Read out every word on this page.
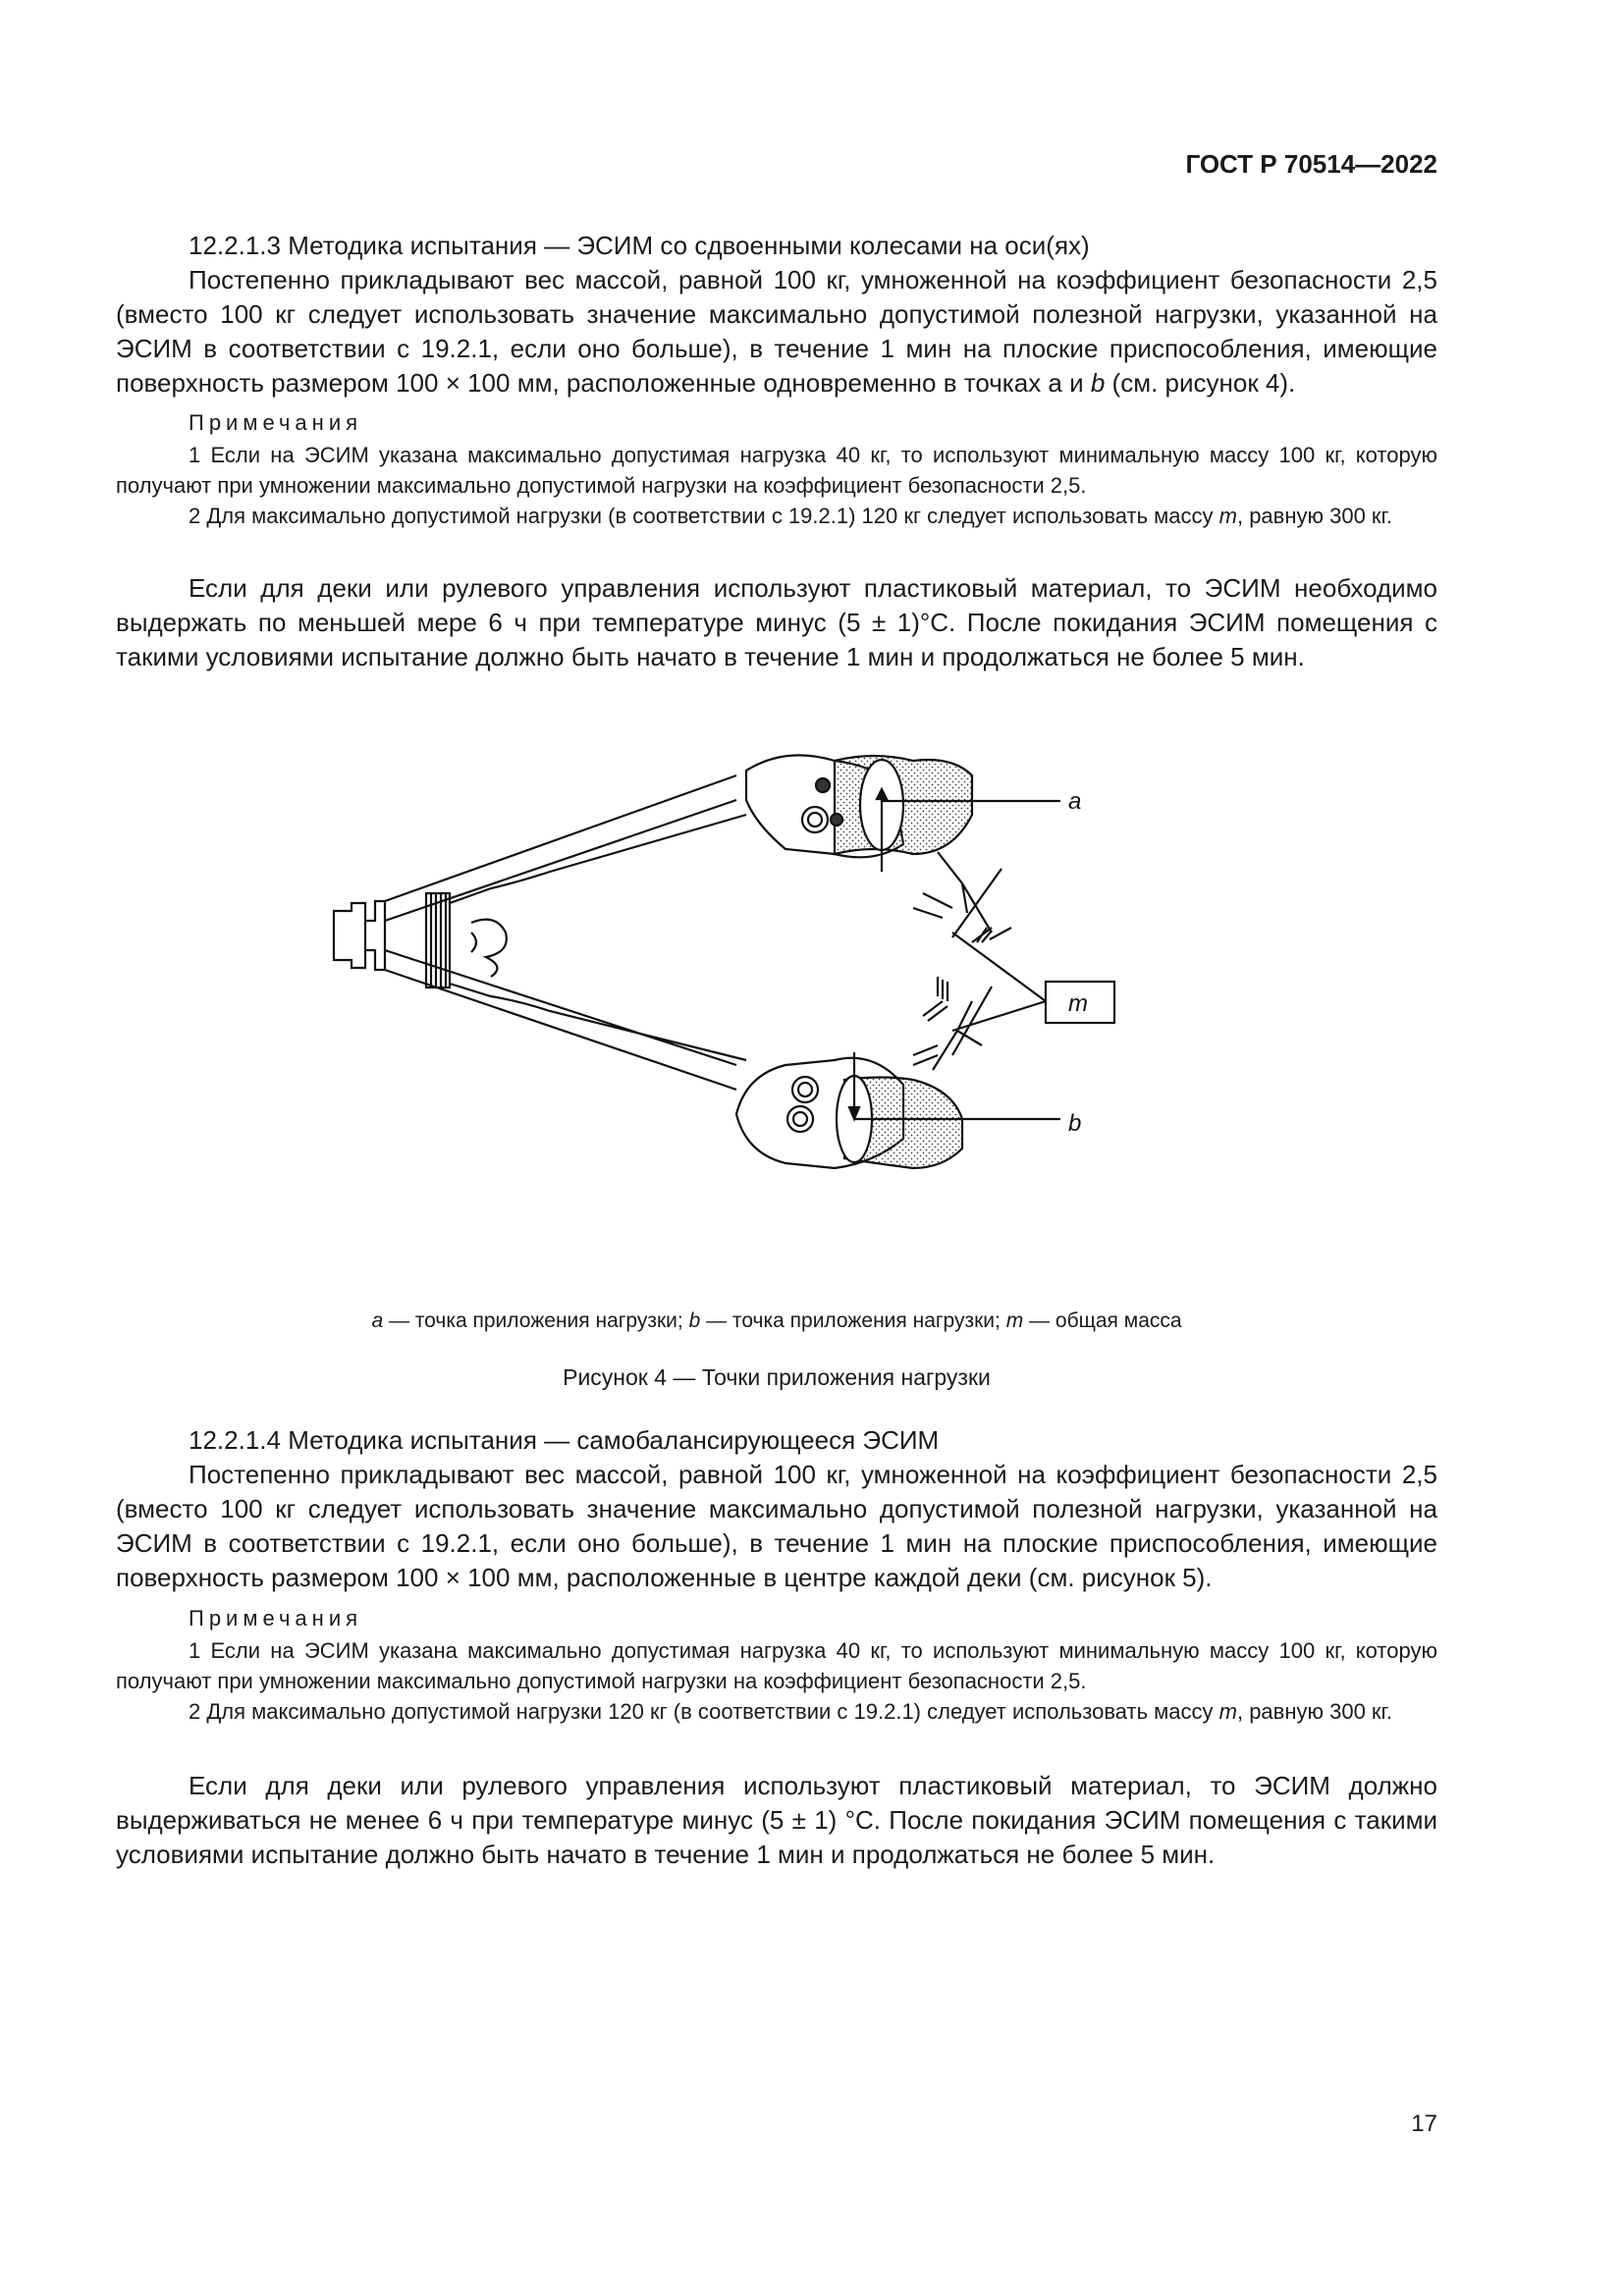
ГОСТ Р 70514—2022

12.2.1.3 Методика испытания — ЭСИМ со сдвоенными колесами на оси(ях)

Постепенно прикладывают вес массой, равной 100 кг, умноженной на коэффициент безопасности 2,5 (вместо 100 кг следует использовать значение максимально допустимой полезной нагрузки, указанной на ЭСИМ в соответствии с 19.2.1, если оно больше), в течение 1 мин на плоские приспособления, имеющие поверхность размером 100 × 100 мм, расположенные одновременно в точках а и b (см. рисунок 4).

Примечания

1 Если на ЭСИМ указана максимально допустимая нагрузка 40 кг, то используют минимальную массу 100 кг, которую получают при умножении максимально допустимой нагрузки на коэффициент безопасности 2,5.

2 Для максимально допустимой нагрузки (в соответствии с 19.2.1) 120 кг следует использовать массу m, равную 300 кг.

Если для деки или рулевого управления используют пластиковый материал, то ЭСИМ необходимо выдержать по меньшей мере 6 ч при температуре минус (5 ± 1)°С. После покидания ЭСИМ помещения с такими условиями испытание должно быть начато в течение 1 мин и продолжаться не более 5 мин.

a
b
m

a — точка приложения нагрузки; b — точка приложения нагрузки; m — общая масса

Рисунок 4 — Точки приложения нагрузки

12.2.1.4 Методика испытания — самобалансирующееся ЭСИМ

Постепенно прикладывают вес массой, равной 100 кг, умноженной на коэффициент безопасности 2,5 (вместо 100 кг следует использовать значение максимально допустимой полезной нагрузки, указанной на ЭСИМ в соответствии с 19.2.1, если оно больше), в течение 1 мин на плоские приспособления, имеющие поверхность размером 100 × 100 мм, расположенные в центре каждой деки (см. рисунок 5).

Примечания

1 Если на ЭСИМ указана максимально допустимая нагрузка 40 кг, то используют минимальную массу 100 кг, которую получают при умножении максимально допустимой нагрузки на коэффициент безопасности 2,5.

2 Для максимально допустимой нагрузки 120 кг (в соответствии с 19.2.1) следует использовать массу m, равную 300 кг.

Если для деки или рулевого управления используют пластиковый материал, то ЭСИМ должно выдерживаться не менее 6 ч при температуре минус (5 ± 1) °С. После покидания ЭСИМ помещения с такими условиями испытание должно быть начато в течение 1 мин и продолжаться не более 5 мин.

17
